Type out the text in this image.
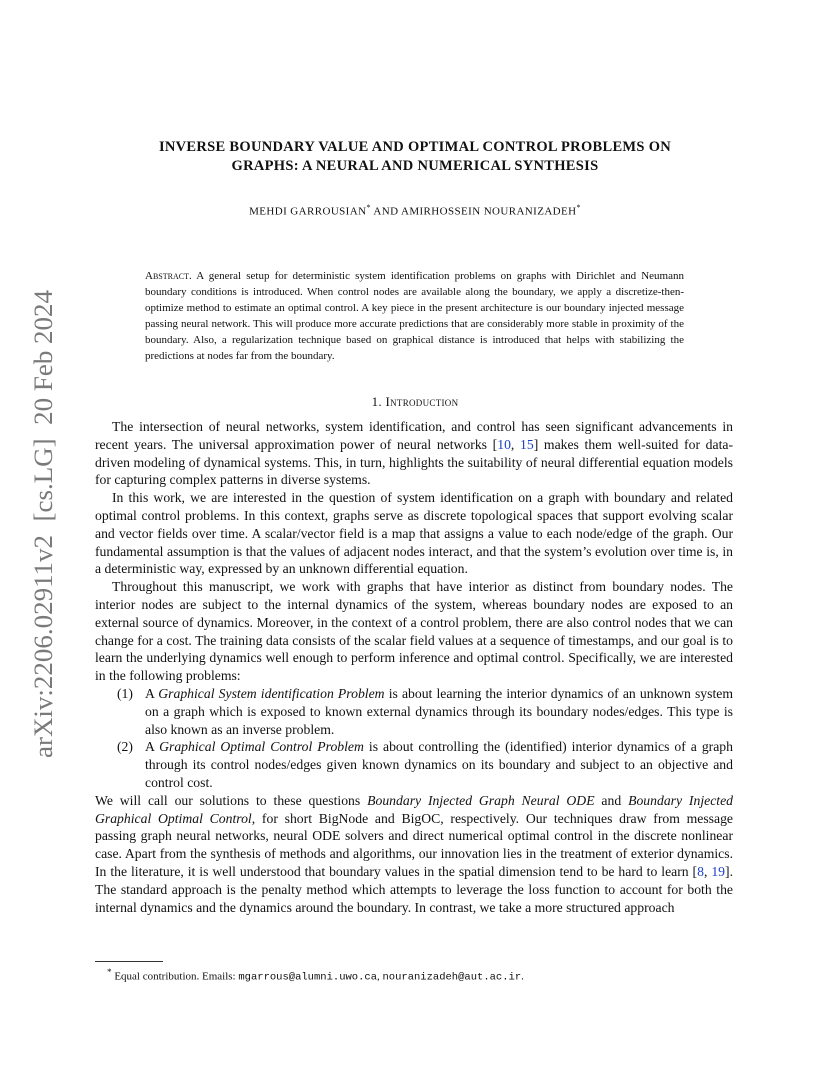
arXiv:2206.02911v2  [cs.LG]  20 Feb 2024
INVERSE BOUNDARY VALUE AND OPTIMAL CONTROL PROBLEMS ON
GRAPHS: A NEURAL AND NUMERICAL SYNTHESIS
MEHDI GARROUSIAN* AND AMIRHOSSEIN NOURANIZADEH*
Abstract. A general setup for deterministic system identification problems on graphs with Dirichlet and Neumann boundary conditions is introduced. When control nodes are available along the boundary, we apply a discretize-then-optimize method to estimate an optimal control. A key piece in the present architecture is our boundary injected message passing neural network. This will produce more accurate predictions that are considerably more stable in proximity of the boundary. Also, a regularization technique based on graphical distance is introduced that helps with stabilizing the predictions at nodes far from the boundary.
1. Introduction

The intersection of neural networks, system identification, and control has seen significant advancements in recent years. The universal approximation power of neural networks [10, 15] makes them well-suited for data-driven modeling of dynamical systems. This, in turn, highlights the suitability of neural differential equation models for capturing complex patterns in diverse systems.

In this work, we are interested in the question of system identification on a graph with boundary and related optimal control problems. In this context, graphs serve as discrete topological spaces that support evolving scalar and vector fields over time. A scalar/vector field is a map that assigns a value to each node/edge of the graph. Our fundamental assumption is that the values of adjacent nodes interact, and that the system’s evolution over time is, in a deterministic way, expressed by an unknown differential equation.

Throughout this manuscript, we work with graphs that have interior as distinct from boundary nodes. The interior nodes are subject to the internal dynamics of the system, whereas boundary nodes are exposed to an external source of dynamics. Moreover, in the context of a control problem, there are also control nodes that we can change for a cost. The training data consists of the scalar field values at a sequence of timestamps, and our goal is to learn the underlying dynamics well enough to perform inference and optimal control. Specifically, we are interested in the following problems:

(1) A Graphical System identification Problem is about learning the interior dynamics of an unknown system on a graph which is exposed to known external dynamics through its boundary nodes/edges. This type is also known as an inverse problem.
(2) A Graphical Optimal Control Problem is about controlling the (identified) interior dynamics of a graph through its control nodes/edges given known dynamics on its boundary and subject to an objective and control cost.

We will call our solutions to these questions Boundary Injected Graph Neural ODE and Boundary Injected Graphical Optimal Control, for short BigNode and BigOC, respectively. Our techniques draw from message passing graph neural networks, neural ODE solvers and direct numerical optimal control in the discrete nonlinear case. Apart from the synthesis of methods and algorithms, our innovation lies in the treatment of exterior dynamics. In the literature, it is well understood that boundary values in the spatial dimension tend to be hard to learn [8, 19]. The standard approach is the penalty method which attempts to leverage the loss function to account for both the internal dynamics and the dynamics around the boundary. In contrast, we take a more structured approach

* Equal contribution. Emails: mgarrous@alumni.uwo.ca, nouranizadeh@aut.ac.ir.
